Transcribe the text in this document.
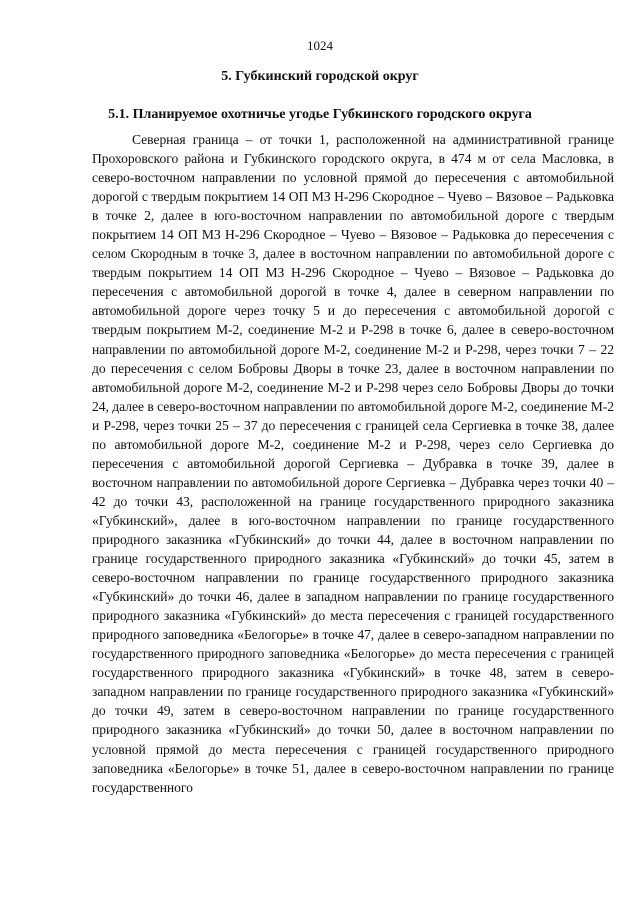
1024
5. Губкинский городской округ
5.1. Планируемое охотничье угодье Губкинского городского округа

Северная граница – от точки 1, расположенной на административной границе Прохоровского района и Губкинского городского округа, в 474 м от села Масловка, в северо-восточном направлении по условной прямой до пересечения с автомобильной дорогой с твердым покрытием 14 ОП МЗ Н-296 Скородное – Чуево – Вязовое – Радьковка в точке 2, далее в юго-восточном направлении по автомобильной дороге с твердым покрытием 14 ОП МЗ Н-296 Скородное – Чуево – Вязовое – Радьковка до пересечения с селом Скородным в точке 3, далее в восточном направлении по автомобильной дороге с твердым покрытием 14 ОП МЗ Н-296 Скородное – Чуево – Вязовое – Радьковка до пересечения с автомобильной дорогой в точке 4, далее в северном направлении по автомобильной дороге через точку 5 и до пересечения с автомобильной дорогой с твердым покрытием М-2, соединение М-2 и Р-298 в точке 6, далее в северо-восточном направлении по автомобильной дороге М-2, соединение М-2 и Р-298, через точки 7 – 22 до пересечения с селом Бобровы Дворы в точке 23, далее в восточном направлении по автомобильной дороге М-2, соединение М-2 и Р-298 через село Бобровы Дворы до точки 24, далее в северо-восточном направлении по автомобильной дороге М-2, соединение М-2 и Р-298, через точки 25 – 37 до пересечения с границей села Сергиевка в точке 38, далее по автомобильной дороге М-2, соединение М-2 и Р-298, через село Сергиевка до пересечения с автомобильной дорогой Сергиевка – Дубравка в точке 39, далее в восточном направлении по автомобильной дороге Сергиевка – Дубравка через точки 40 – 42 до точки 43, расположенной на границе государственного природного заказника «Губкинский», далее в юго-восточном направлении по границе государственного природного заказника «Губкинский» до точки 44, далее в восточном направлении по границе государственного природного заказника «Губкинский» до точки 45, затем в северо-восточном направлении по границе государственного природного заказника «Губкинский» до точки 46, далее в западном направлении по границе государственного природного заказника «Губкинский» до места пересечения с границей государственного природного заповедника «Белогорье» в точке 47, далее в северо-западном направлении по государственного природного заповедника «Белогорье» до места пересечения с границей государственного природного заказника «Губкинский» в точке 48, затем в северо-западном направлении по границе государственного природного заказника «Губкинский» до точки 49, затем в северо-восточном направлении по границе государственного природного заказника «Губкинский» до точки 50, далее в восточном направлении по условной прямой до места пересечения с границей государственного природного заповедника «Белогорье» в точке 51, далее в северо-восточном направлении по границе государственного
